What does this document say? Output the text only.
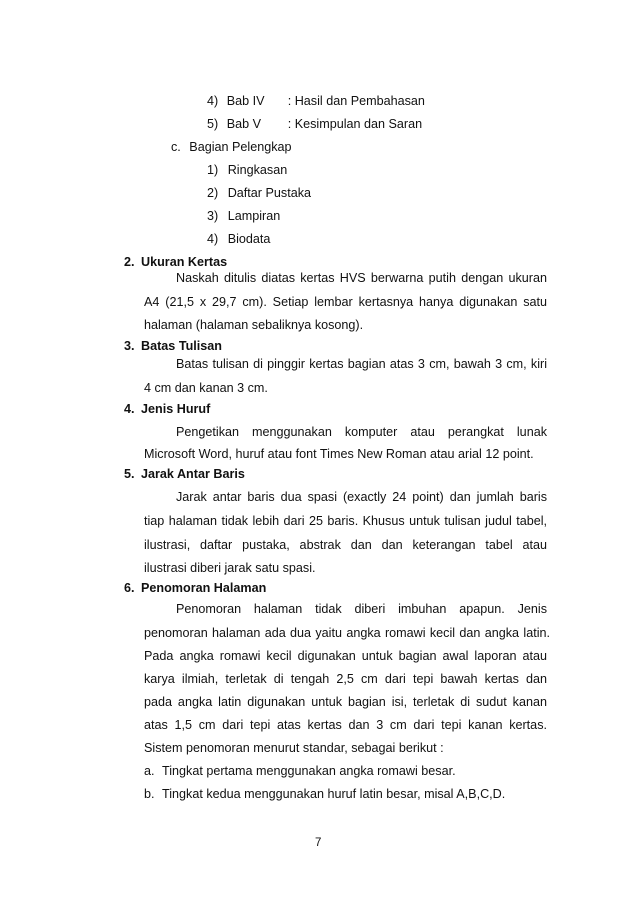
4) Bab IV : Hasil dan Pembahasan
5) Bab V : Kesimpulan dan Saran
c. Bagian Pelengkap
1) Ringkasan
2) Daftar Pustaka
3) Lampiran
4) Biodata
2. Ukuran Kertas
Naskah ditulis diatas kertas HVS berwarna putih dengan ukuran
A4 (21,5 x 29,7 cm). Setiap lembar kertasnya hanya digunakan satu
halaman (halaman sebaliknya kosong).
3. Batas Tulisan
Batas tulisan di pinggir kertas bagian atas 3 cm, bawah 3 cm, kiri
4 cm dan kanan 3 cm.
4. Jenis Huruf
Pengetikan menggunakan komputer atau perangkat lunak
Microsoft Word, huruf atau font Times New Roman atau arial 12 point.
5. Jarak Antar Baris
Jarak antar baris dua spasi (exactly 24 point) dan jumlah baris
tiap halaman tidak lebih dari 25 baris. Khusus untuk tulisan judul tabel,
ilustrasi, daftar pustaka, abstrak dan dan keterangan tabel atau
ilustrasi diberi jarak satu spasi.
6. Penomoran Halaman
Penomoran halaman tidak diberi imbuhan apapun. Jenis
penomoran halaman ada dua yaitu angka romawi kecil dan angka latin.
Pada angka romawi kecil digunakan untuk bagian awal laporan atau
karya ilmiah, terletak di tengah 2,5 cm dari tepi bawah kertas dan
pada angka latin digunakan untuk bagian isi, terletak di sudut kanan
atas 1,5 cm dari tepi atas kertas dan 3 cm dari tepi kanan kertas.
Sistem penomoran menurut standar, sebagai berikut :
a. Tingkat pertama menggunakan angka romawi besar.
b. Tingkat kedua menggunakan huruf latin besar, misal A,B,C,D.
7
